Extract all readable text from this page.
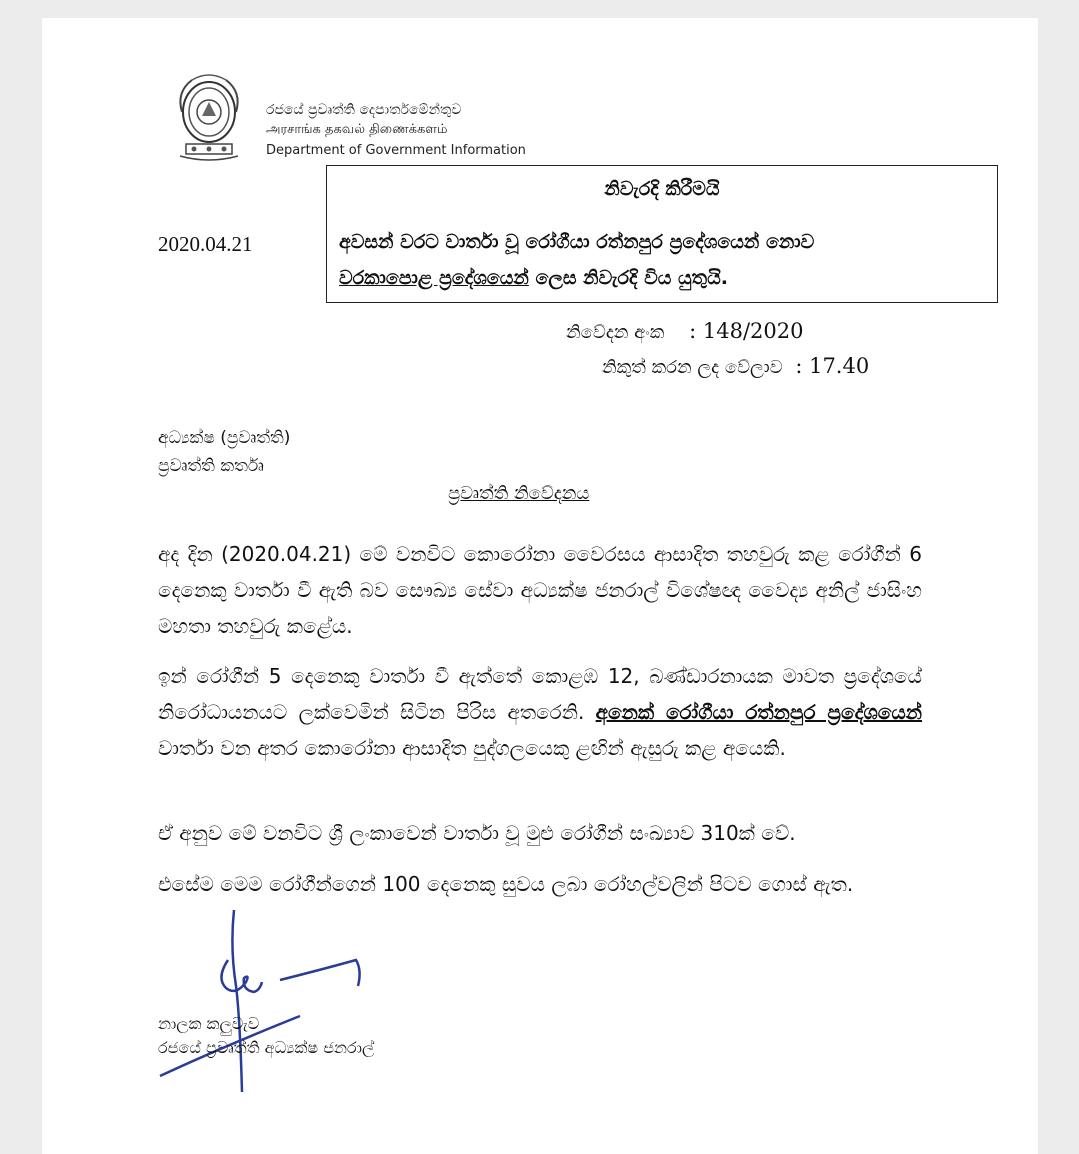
රජයේ ප්‍රවෘත්ති දෙපාර්තමේන්තුව
அரசாங்க தகவல் திணைக்களம்
Department of Government Information
නිවැරදි කිරීමයි
අවසන් වරට වාර්තා වූ රෝගීයා රත්නපුර ප්‍රදේශයෙන් නොව
වරකාපොළ ප්‍රදේශයෙන් ලෙස නිවැරදි විය යුතුයි.
2020.04.21
නිවේදන අංක : 148/2020
නිකුත් කරන ලද වේලාව : 17.40
අධ්‍යක්ෂ (ප්‍රවෘත්ති)
ප්‍රවෘත්ති කර්තෘ
ප්‍රවෘත්ති නිවේදනය
අද දින (2020.04.21) මේ වනවිට කොරෝනා වෛරසය ආසාදිත තහවුරු කළ රෝගීන් 6 දෙනෙකු වාර්තා වී ඇති බව සෞඛ්‍ය සේවා අධ්‍යක්ෂ ජනරාල් විශේෂඥ වෛද්‍ය අනිල් ජාසිංහ මහතා තහවුරු කළේය.
ඉන් රෝගීන් 5 දෙනෙකු වාර්තා වී ඇත්තේ කොළඹ 12, බණ්ඩාරනායක මාවත ප්‍රදේශයේ නිරෝධායනයට ලක්වෙමින් සිටින පිරිස අතරෙනි. අනෙක් රෝගීයා රත්නපුර ප්‍රදේශයෙන් වාර්තා වන අතර කොරෝනා ආසාදිත පුද්ගලයෙකු ළඟින් ඇසුරු කළ අයෙකි.
ඒ අනුව මේ වනවිට ශ්‍රී ලංකාවෙන් වාර්තා වූ මුළු රෝගීන් සංඛ්‍යාව 310ක් වේ.
එසේම මෙම රෝගීන්ගෙන් 100 දෙනෙකු සුවය ලබා රෝහල්වලින් පිටව ගොස් ඇත.
නාලක කලුවැව
රජයේ ප්‍රවෘත්ති අධ්‍යක්ෂ ජනරාල්
